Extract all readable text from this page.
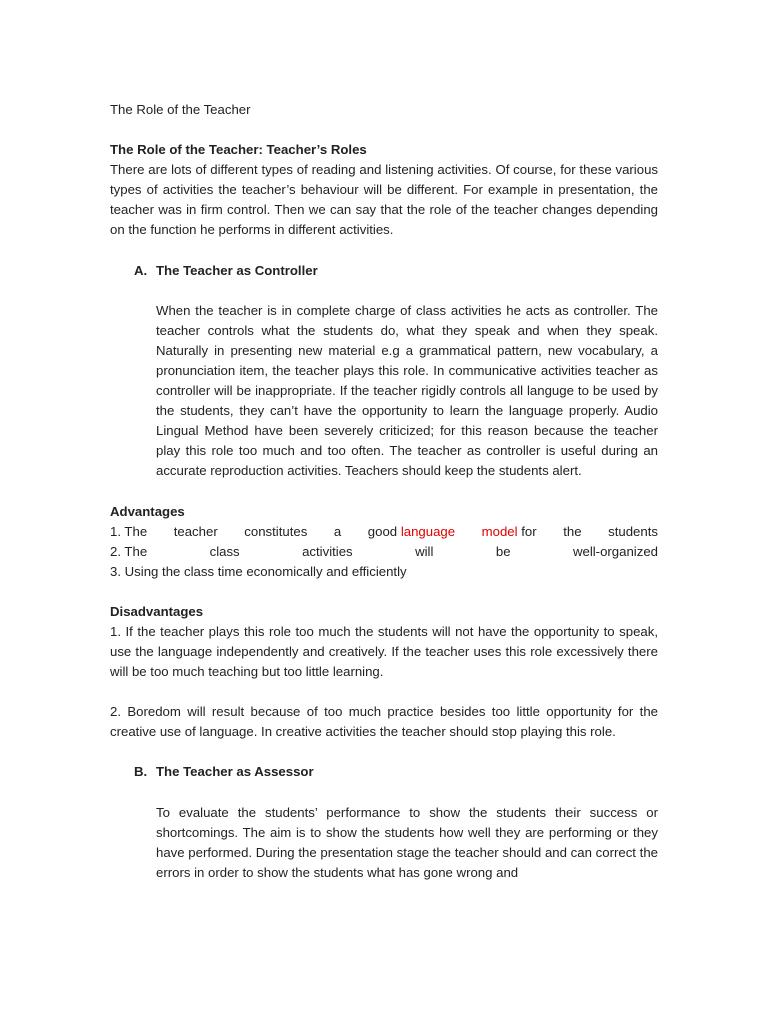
The Role of the Teacher

The Role of the Teacher: Teacher’s Roles

There are lots of different types of reading and listening activities. Of course, for these various types of activities the teacher’s behaviour will be different. For example in presentation, the teacher was in firm control. Then we can say that the role of the teacher changes depending on the function he performs in different activities.

A. The Teacher as Controller

When the teacher is in complete charge of class activities he acts as controller. The teacher controls what the students do, what they speak and when they speak. Naturally in presenting new material e.g a grammatical pattern, new vocabulary, a pronunciation item, the teacher plays this role. In communicative activities teacher as controller will be inappropriate. If the teacher rigidly controls all languge to be used by the students, they can’t have the opportunity to learn the language properly. Audio Lingual Method have been severely criticized; for this reason because the teacher play this role too much and too often. The teacher as controller is useful during an accurate reproduction activities. Teachers should keep the students alert.

Advantages

1. The teacher constitutes a good language model for the students
2. The	class	activities	will	be	well-organized

3. Using the class time economically and efficiently

Disadvantages

1. If the teacher plays this role too much the students will not have the opportunity to speak, use the language independently and creatively. If the teacher uses this role excessively there will be too much teaching but too little learning.

2. Boredom will result because of too much practice besides too little opportunity for the creative use of language. In creative activities the teacher should stop playing this role.

B. The Teacher as Assessor

To evaluate the students’ performance to show the students their success or shortcomings. The aim is to show the students how well they are performing or they have performed. During the presentation stage the teacher should and can correct the errors in order to show the students what has gone wrong and
